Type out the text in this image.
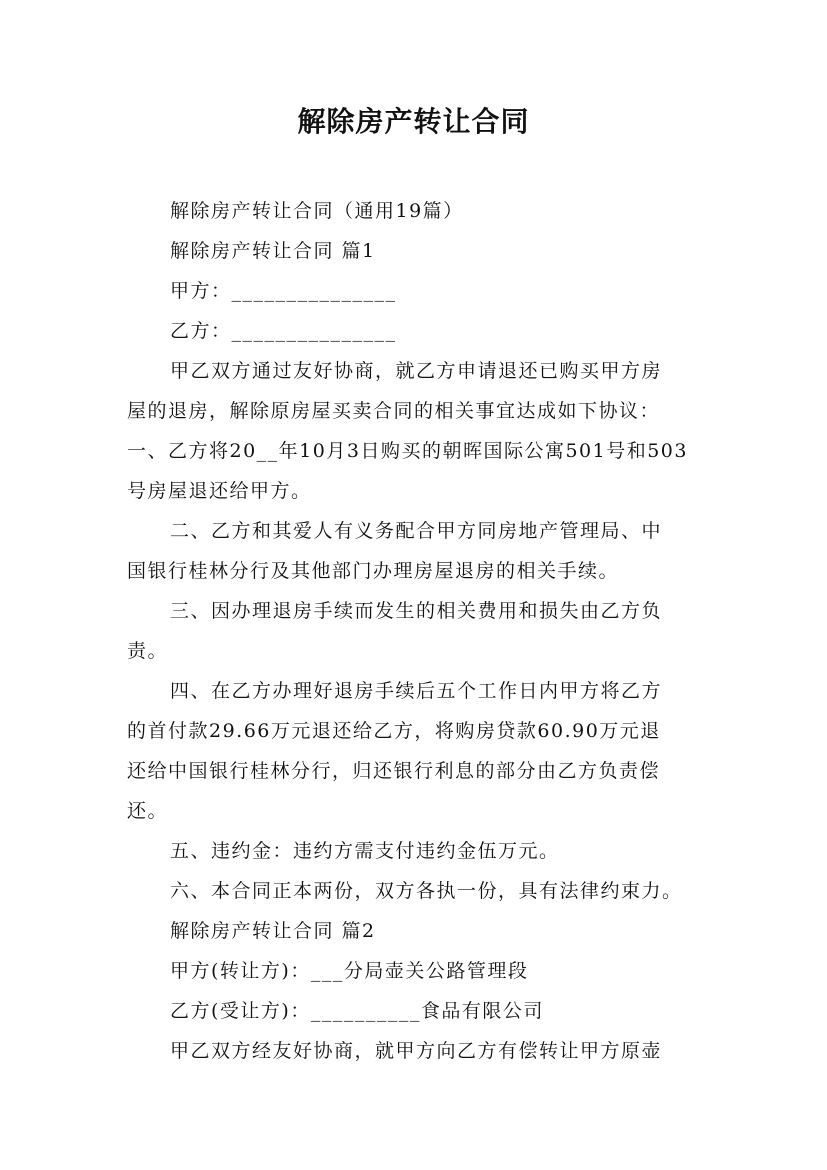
解除房产转让合同
解除房产转让合同（通用19篇）
解除房产转让合同 篇1
甲方：_______________
乙方：_______________
甲乙双方通过友好协商，就乙方申请退还已购买甲方房
屋的退房，解除原房屋买卖合同的相关事宜达成如下协议：
一、乙方将20__年10月3日购买的朝晖国际公寓501号和503
号房屋退还给甲方。
二、乙方和其爱人有义务配合甲方同房地产管理局、中
国银行桂林分行及其他部门办理房屋退房的相关手续。
三、因办理退房手续而发生的相关费用和损失由乙方负
责。
四、在乙方办理好退房手续后五个工作日内甲方将乙方
的首付款29.66万元退还给乙方，将购房贷款60.90万元退
还给中国银行桂林分行，归还银行利息的部分由乙方负责偿
还。
五、违约金：违约方需支付违约金伍万元。
六、本合同正本两份，双方各执一份，具有法律约束力。
解除房产转让合同 篇2
甲方(转让方)：___分局壶关公路管理段
乙方(受让方)：__________食品有限公司
甲乙双方经友好协商，就甲方向乙方有偿转让甲方原壶
